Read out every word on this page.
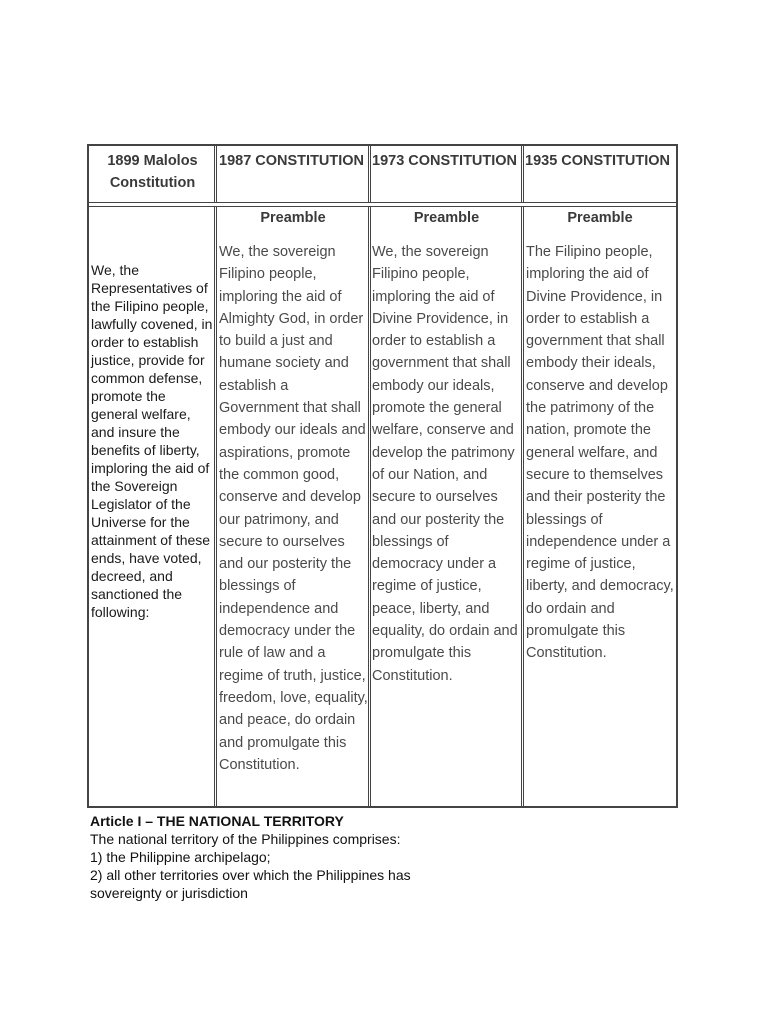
1899 Malolos Constitution
1987 CONSTITUTION 1973 CONSTITUTION 1935 CONSTITUTION
We, the Representatives of the Filipino people, lawfully covened, in order to establish justice, provide for common defense, promote the general welfare, and insure the benefits of liberty, imploring the aid of the Sovereign Legislator of the Universe for the attainment of these ends, have voted, decreed, and sanctioned the following:
Preamble
We, the sovereign Filipino people, imploring the aid of Almighty God, in order to build a just and humane society and establish a Government that shall embody our ideals and aspirations, promote the common good, conserve and develop our patrimony, and secure to ourselves and our posterity the blessings of independence and democracy under the rule of law and a regime of truth, justice, freedom, love, equality, and peace, do ordain and promulgate this Constitution.
Preamble
We, the sovereign Filipino people, imploring the aid of Divine Providence, in order to establish a government that shall embody our ideals, promote the general welfare, conserve and develop the patrimony of our Nation, and secure to ourselves and our posterity the blessings of democracy under a regime of justice, peace, liberty, and equality, do ordain and promulgate this Constitution.
Preamble
The Filipino people, imploring the aid of Divine Providence, in order to establish a government that shall embody their ideals, conserve and develop the patrimony of the nation, promote the general welfare, and secure to themselves and their posterity the blessings of independence under a regime of justice, liberty, and democracy, do ordain and promulgate this Constitution.
Article I – THE NATIONAL TERRITORY
The national territory of the Philippines comprises:
1) the Philippine archipelago;
2) all other territories over which the Philippines has sovereignty or jurisdiction
